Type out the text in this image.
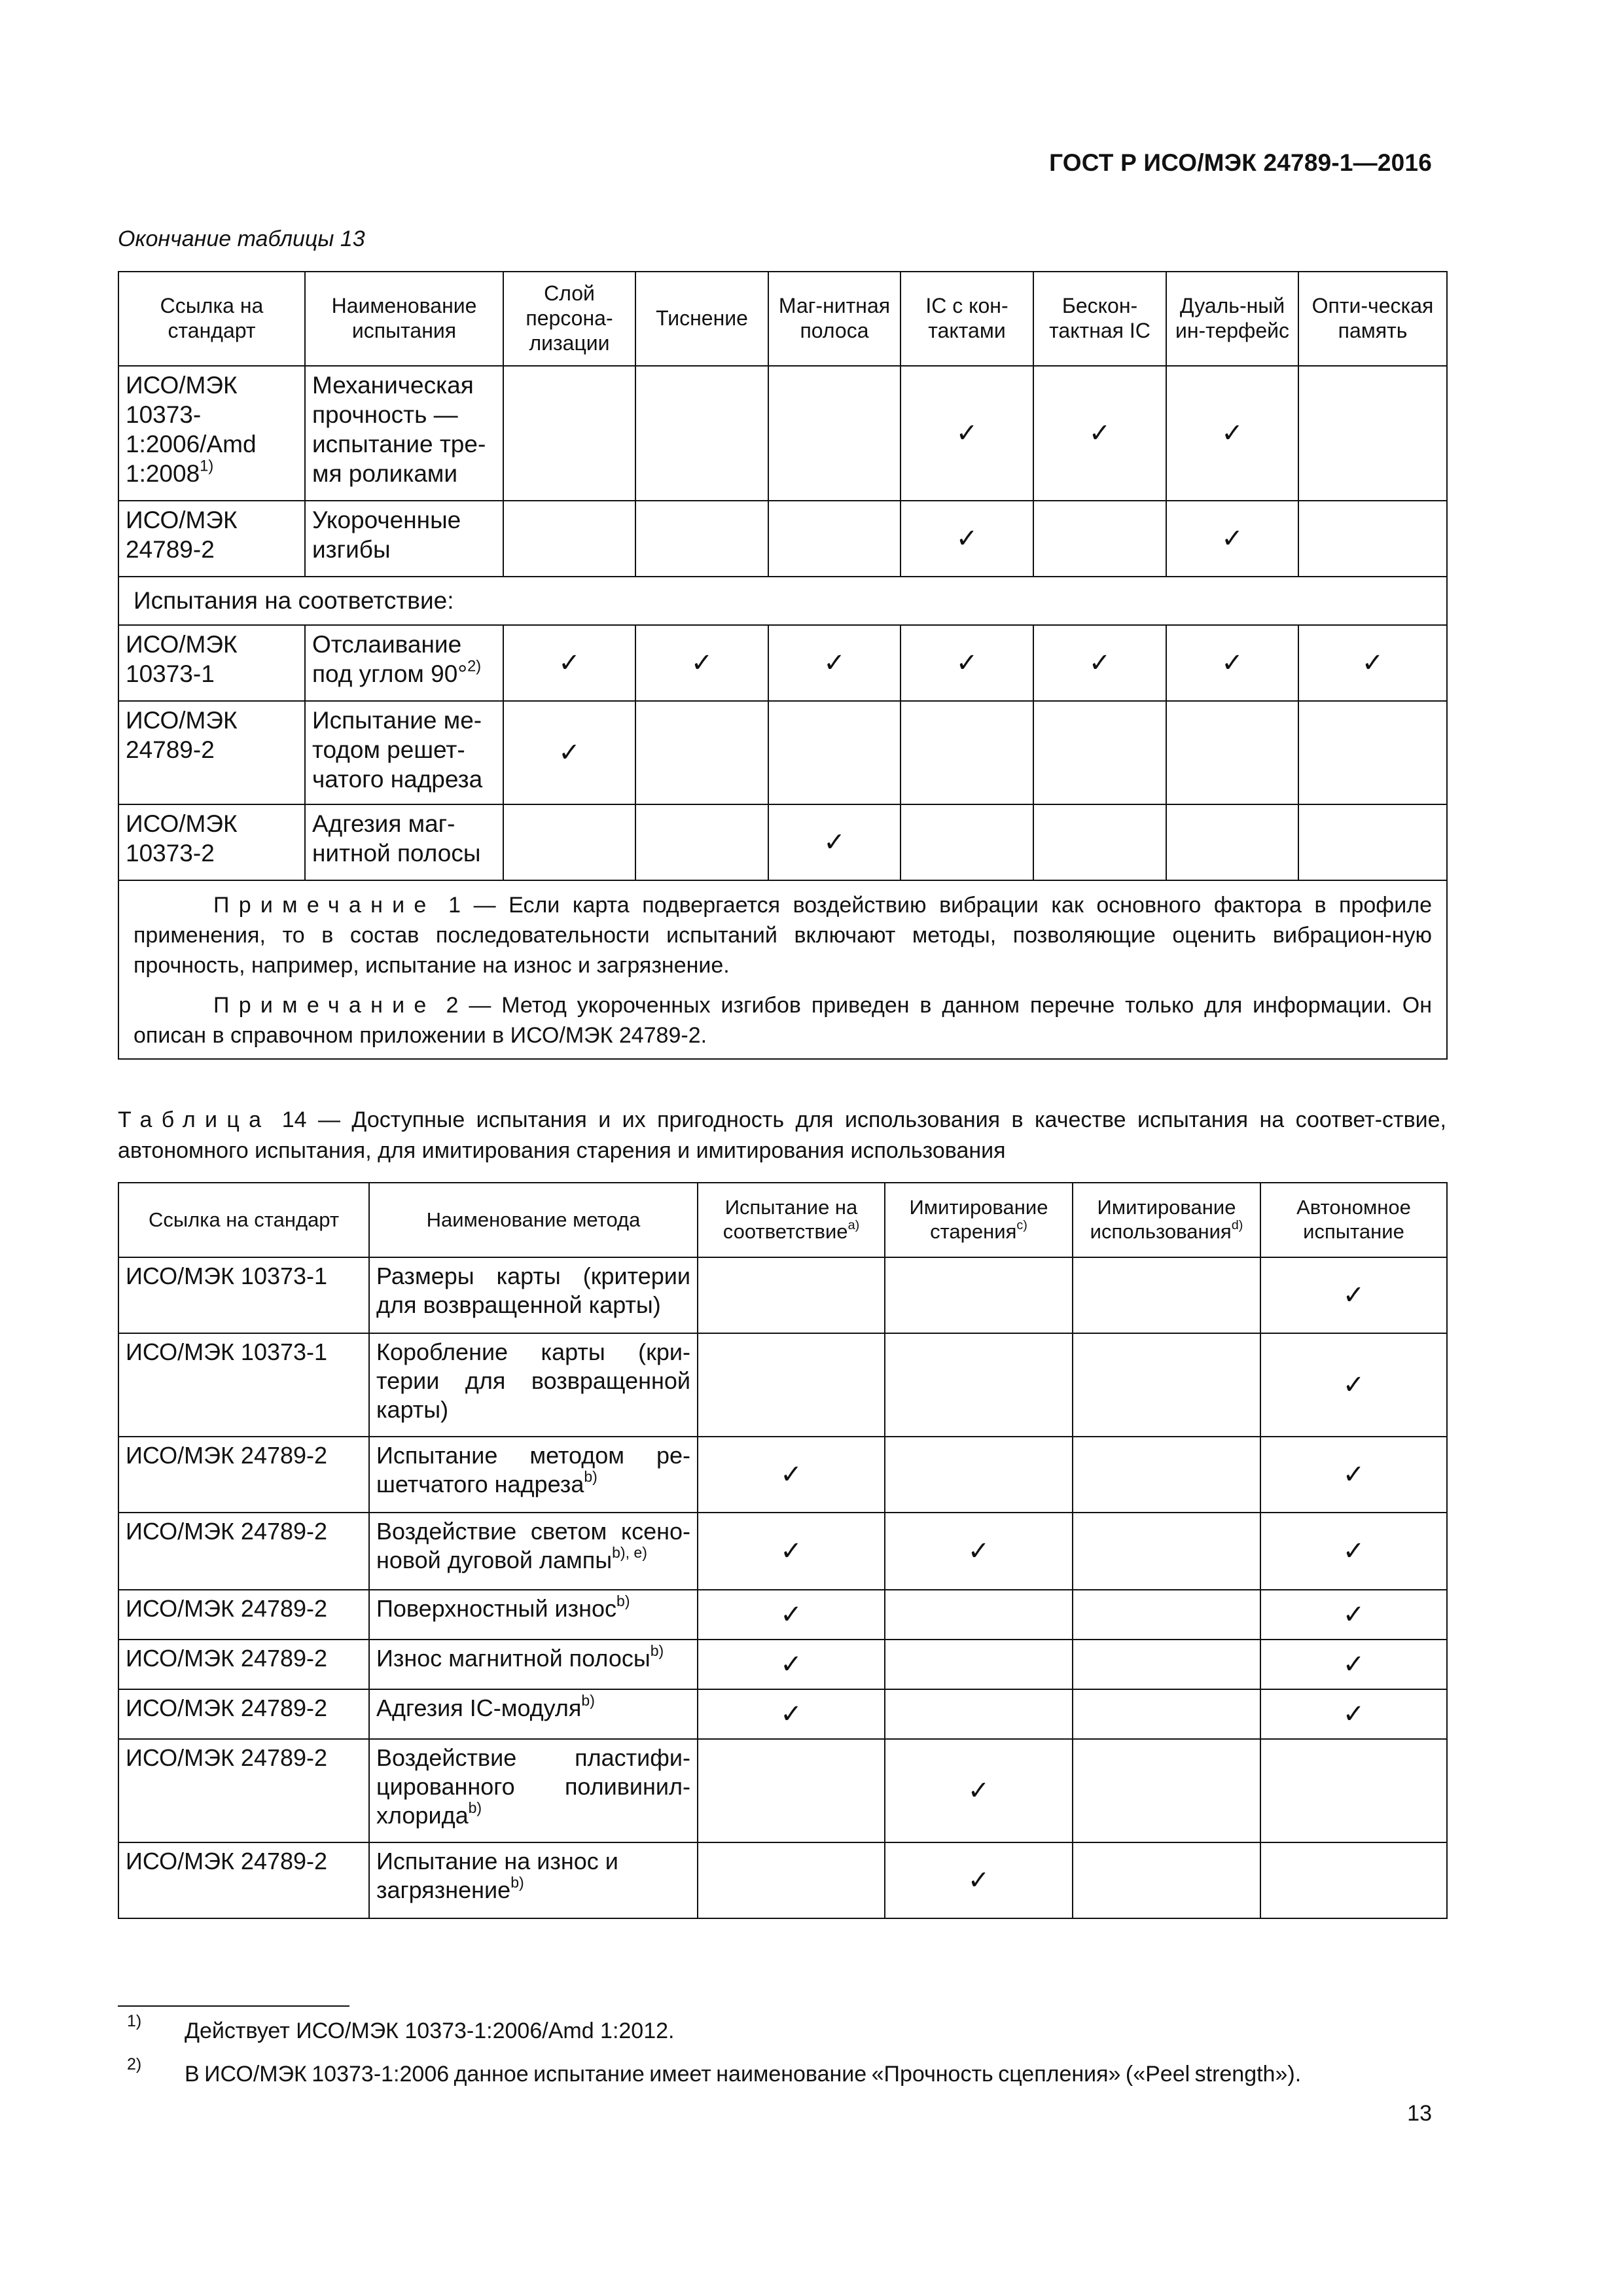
ГОСТ Р ИСО/МЭК 24789-1—2016
Окончание таблицы 13
Ссылка на стандарт	Наименование испытания	Слой персона-лизации	Тиснение	Маг-нитная полоса	IC с кон-тактами	Бескон-тактная IC	Дуаль-ный ин-терфейс	Опти-ческая память
ИСО/МЭК 10373-1:2006/Amd 1:2008$^{1)}$	Механическая прочность — испытание тре-мя роликами				✓	✓	✓	
ИСО/МЭК 24789-2	Укороченные изгибы				✓		✓	
Испытания на соответствие:								
ИСО/МЭК 10373-1	Отслаивание под углом 90°$^{2)}$	✓	✓	✓	✓	✓	✓	✓
ИСО/МЭК 24789-2	Испытание ме-тодом решет-чатого надреза	✓						
ИСО/МЭК 10373-2	Адгезия маг-нитной полосы			✓				

Примечание 1 — Если карта подвергается воздействию вибрации как основного фактора в профиле применения, то в состав последовательности испытаний включают методы, позволяющие оценить вибрацион-ную прочность, например, испытание на износ и загрязнение.

Примечание 2 — Метод укороченных изгибов приведен в данном перечне только для информации. Он описан в справочном приложении в ИСО/МЭК 24789-2.								

Таблица 14 — Доступные испытания и их пригодность для использования в качестве испытания на соответ-ствие, автономного испытания, для имитирования старения и имитирования использования
Ссылка на стандарт	Наименование метода	Испытание на соответствие$^{a)}$	Имитирование старения$^{c)}$	Имитирование использования$^{d)}$	Автономное испытание
ИСО/МЭК 10373-1	Размеры карты (критерии для возвращенной карты)				✓
ИСО/МЭК 10373-1	Коробление карты (кри-терии для возвращенной карты)				✓
ИСО/МЭК 24789-2	Испытание методом ре-шетчатого надреза$^{b)}$	✓			✓
ИСО/МЭК 24789-2	Воздействие светом ксено-новой дуговой лампы$^{b), e)}$	✓	✓		✓
ИСО/МЭК 24789-2	Поверхностный износ$^{b)}$	✓			✓
ИСО/МЭК 24789-2	Износ магнитной полосы$^{b)}$	✓			✓
ИСО/МЭК 24789-2	Адгезия IC-модуля$^{b)}$	✓			✓
ИСО/МЭК 24789-2	Воздействие пластифи-цированного поливинил-хлорида$^{b)}$		✓		
ИСО/МЭК 24789-2	Испытание на износ и загрязнение$^{b)}$		✓		
1) Действует ИСО/МЭК 10373-1:2006/Amd 1:2012.
2) В ИСО/МЭК 10373-1:2006 данное испытание имеет наименование «Прочность сцепления» («Peel strength»).
13
